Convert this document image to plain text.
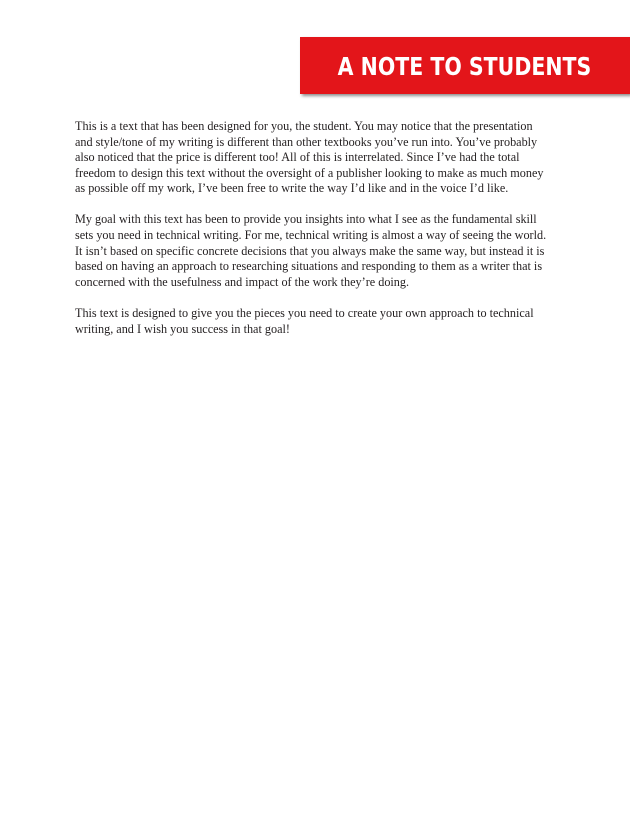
A NOTE TO STUDENTS

This is a text that has been designed for you, the student. You may notice that the presentation and style/tone of my writing is different than other textbooks you’ve run into. You’ve probably also noticed that the price is different too! All of this is interrelated. Since I’ve had the total freedom to design this text without the oversight of a publisher looking to make as much money as possible off my work, I’ve been free to write the way I’d like and in the voice I’d like.

My goal with this text has been to provide you insights into what I see as the fundamental skill sets you need in technical writing. For me, technical writing is almost a way of seeing the world. It isn’t based on specific concrete decisions that you always make the same way, but instead it is based on having an approach to researching situations and responding to them as a writer that is concerned with the usefulness and impact of the work they’re doing.

This text is designed to give you the pieces you need to create your own approach to technical writing, and I wish you success in that goal!
